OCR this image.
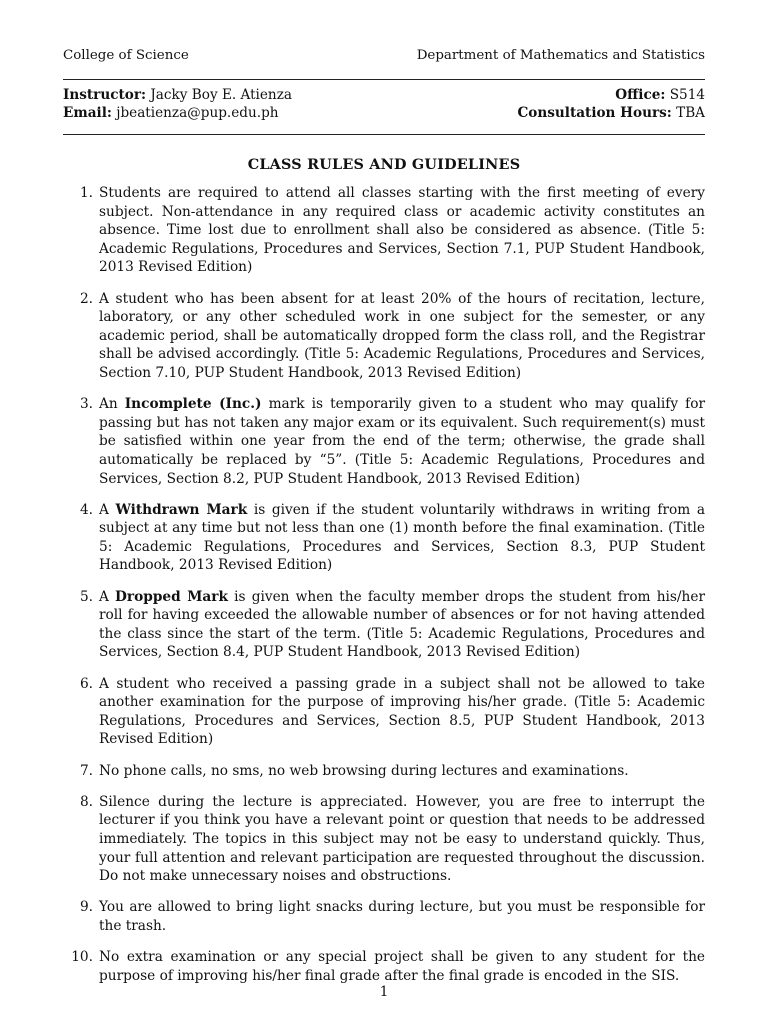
College of Science	Department of Mathematics and Statistics
Instructor: Jacky Boy E. Atienza	Office: S514
Email: jbeatienza@pup.edu.ph	Consultation Hours: TBA
CLASS RULES AND GUIDELINES
1. Students are required to attend all classes starting with the first meeting of every subject. Non-attendance in any required class or academic activity constitutes an absence. Time lost due to enrollment shall also be considered as absence. (Title 5: Academic Regulations, Procedures and Services, Section 7.1, PUP Student Handbook, 2013 Revised Edition)
2. A student who has been absent for at least 20% of the hours of recitation, lecture, laboratory, or any other scheduled work in one subject for the semester, or any academic period, shall be automatically dropped form the class roll, and the Registrar shall be advised accordingly. (Title 5: Academic Regulations, Procedures and Services, Section 7.10, PUP Student Handbook, 2013 Revised Edition)
3. An Incomplete (Inc.) mark is temporarily given to a student who may qualify for passing but has not taken any major exam or its equivalent. Such requirement(s) must be satisfied within one year from the end of the term; otherwise, the grade shall automatically be replaced by “5”. (Title 5: Academic Regulations, Procedures and Services, Section 8.2, PUP Student Handbook, 2013 Revised Edition)
4. A Withdrawn Mark is given if the student voluntarily withdraws in writing from a subject at any time but not less than one (1) month before the final examination. (Title 5: Academic Regulations, Procedures and Services, Section 8.3, PUP Student Handbook, 2013 Revised Edition)
5. A Dropped Mark is given when the faculty member drops the student from his/her roll for having exceeded the allowable number of absences or for not having attended the class since the start of the term. (Title 5: Academic Regulations, Procedures and Services, Section 8.4, PUP Student Handbook, 2013 Revised Edition)
6. A student who received a passing grade in a subject shall not be allowed to take another examination for the purpose of improving his/her grade. (Title 5: Academic Regulations, Procedures and Services, Section 8.5, PUP Student Handbook, 2013 Revised Edition)
7. No phone calls, no sms, no web browsing during lectures and examinations.
8. Silence during the lecture is appreciated. However, you are free to interrupt the lecturer if you think you have a relevant point or question that needs to be addressed immediately. The topics in this subject may not be easy to understand quickly. Thus, your full attention and relevant participation are requested throughout the discussion. Do not make unnecessary noises and obstructions.
9. You are allowed to bring light snacks during lecture, but you must be responsible for the trash.
10. No extra examination or any special project shall be given to any student for the purpose of improving his/her final grade after the final grade is encoded in the SIS.
1
